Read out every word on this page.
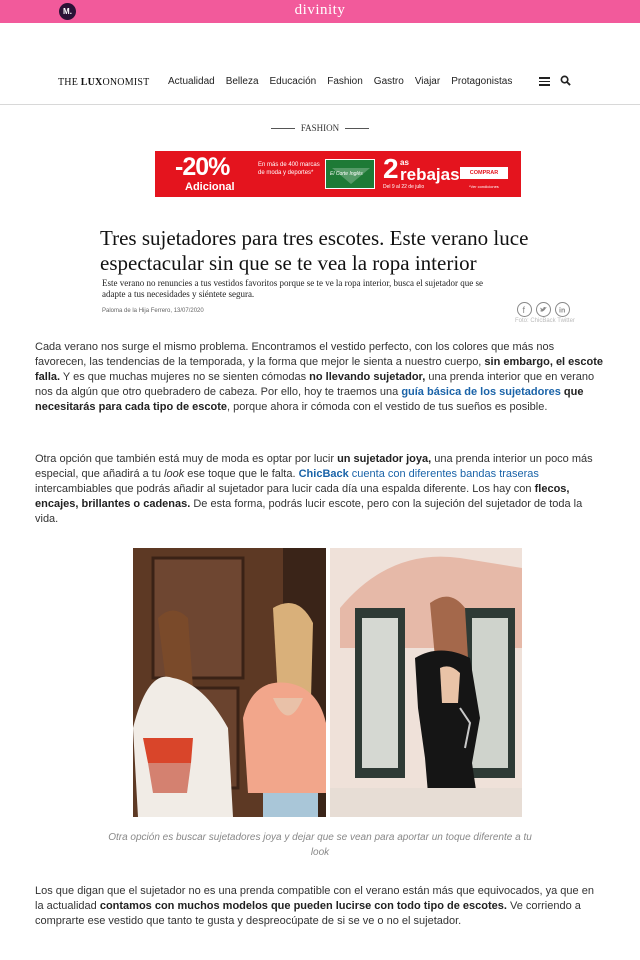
M.	divinity
THE LUXONOMIST Actualidad Belleza Educación Fashion Gastro Viajar Protagonistas
FASHION
-20%
Adicional
En más de 400 marcas de moda y deportes*	El Corte Inglés 2 as
rebajas
Del 9 al 22 de julio
COMPRAR
*Ver condiciones
Tres sujetadores para tres escotes. Este verano luce espectacular sin que se te vea la ropa interior
Este verano no renuncies a tus vestidos favoritos porque se te ve la ropa interior, busca el sujetador que se adapte a tus necesidades y siéntete segura.
Paloma de la Hija Ferrero, 13/07/2020	f	in
Foto: ChicBack Twitter

Cada verano nos surge el mismo problema. Encontramos el vestido perfecto, con los colores que más nos favorecen, las tendencias de la temporada, y la forma que mejor le sienta a nuestro cuerpo, sin embargo, el escote falla. Y es que muchas mujeres no se sienten cómodas no llevando sujetador, una prenda interior que en verano nos da algún que otro quebradero de cabeza. Por ello, hoy te traemos una guía básica de los sujetadores que necesitarás para cada tipo de escote, porque ahora ir cómoda con el vestido de tus sueños es posible.

Otra opción que también está muy de moda es optar por lucir un sujetador joya, una prenda interior un poco más especial, que añadirá a tu look ese toque que le falta. ChicBack cuenta con diferentes bandas traseras intercambiables que podrás añadir al sujetador para lucir cada día una espalda diferente. Los hay con flecos, encajes, brillantes o cadenas. De esta forma, podrás lucir escote, pero con la sujeción del sujetador de toda la vida.

Otra opción es buscar sujetadores joya y dejar que se vean para aportar un toque diferente a tu look

Los que digan que el sujetador no es una prenda compatible con el verano están más que equivocados, ya que en la actualidad contamos con muchos modelos que pueden lucirse con todo tipo de escotes. Ve corriendo a comprarte ese vestido que tanto te gusta y despreocúpate de si se ve o no el sujetador.
